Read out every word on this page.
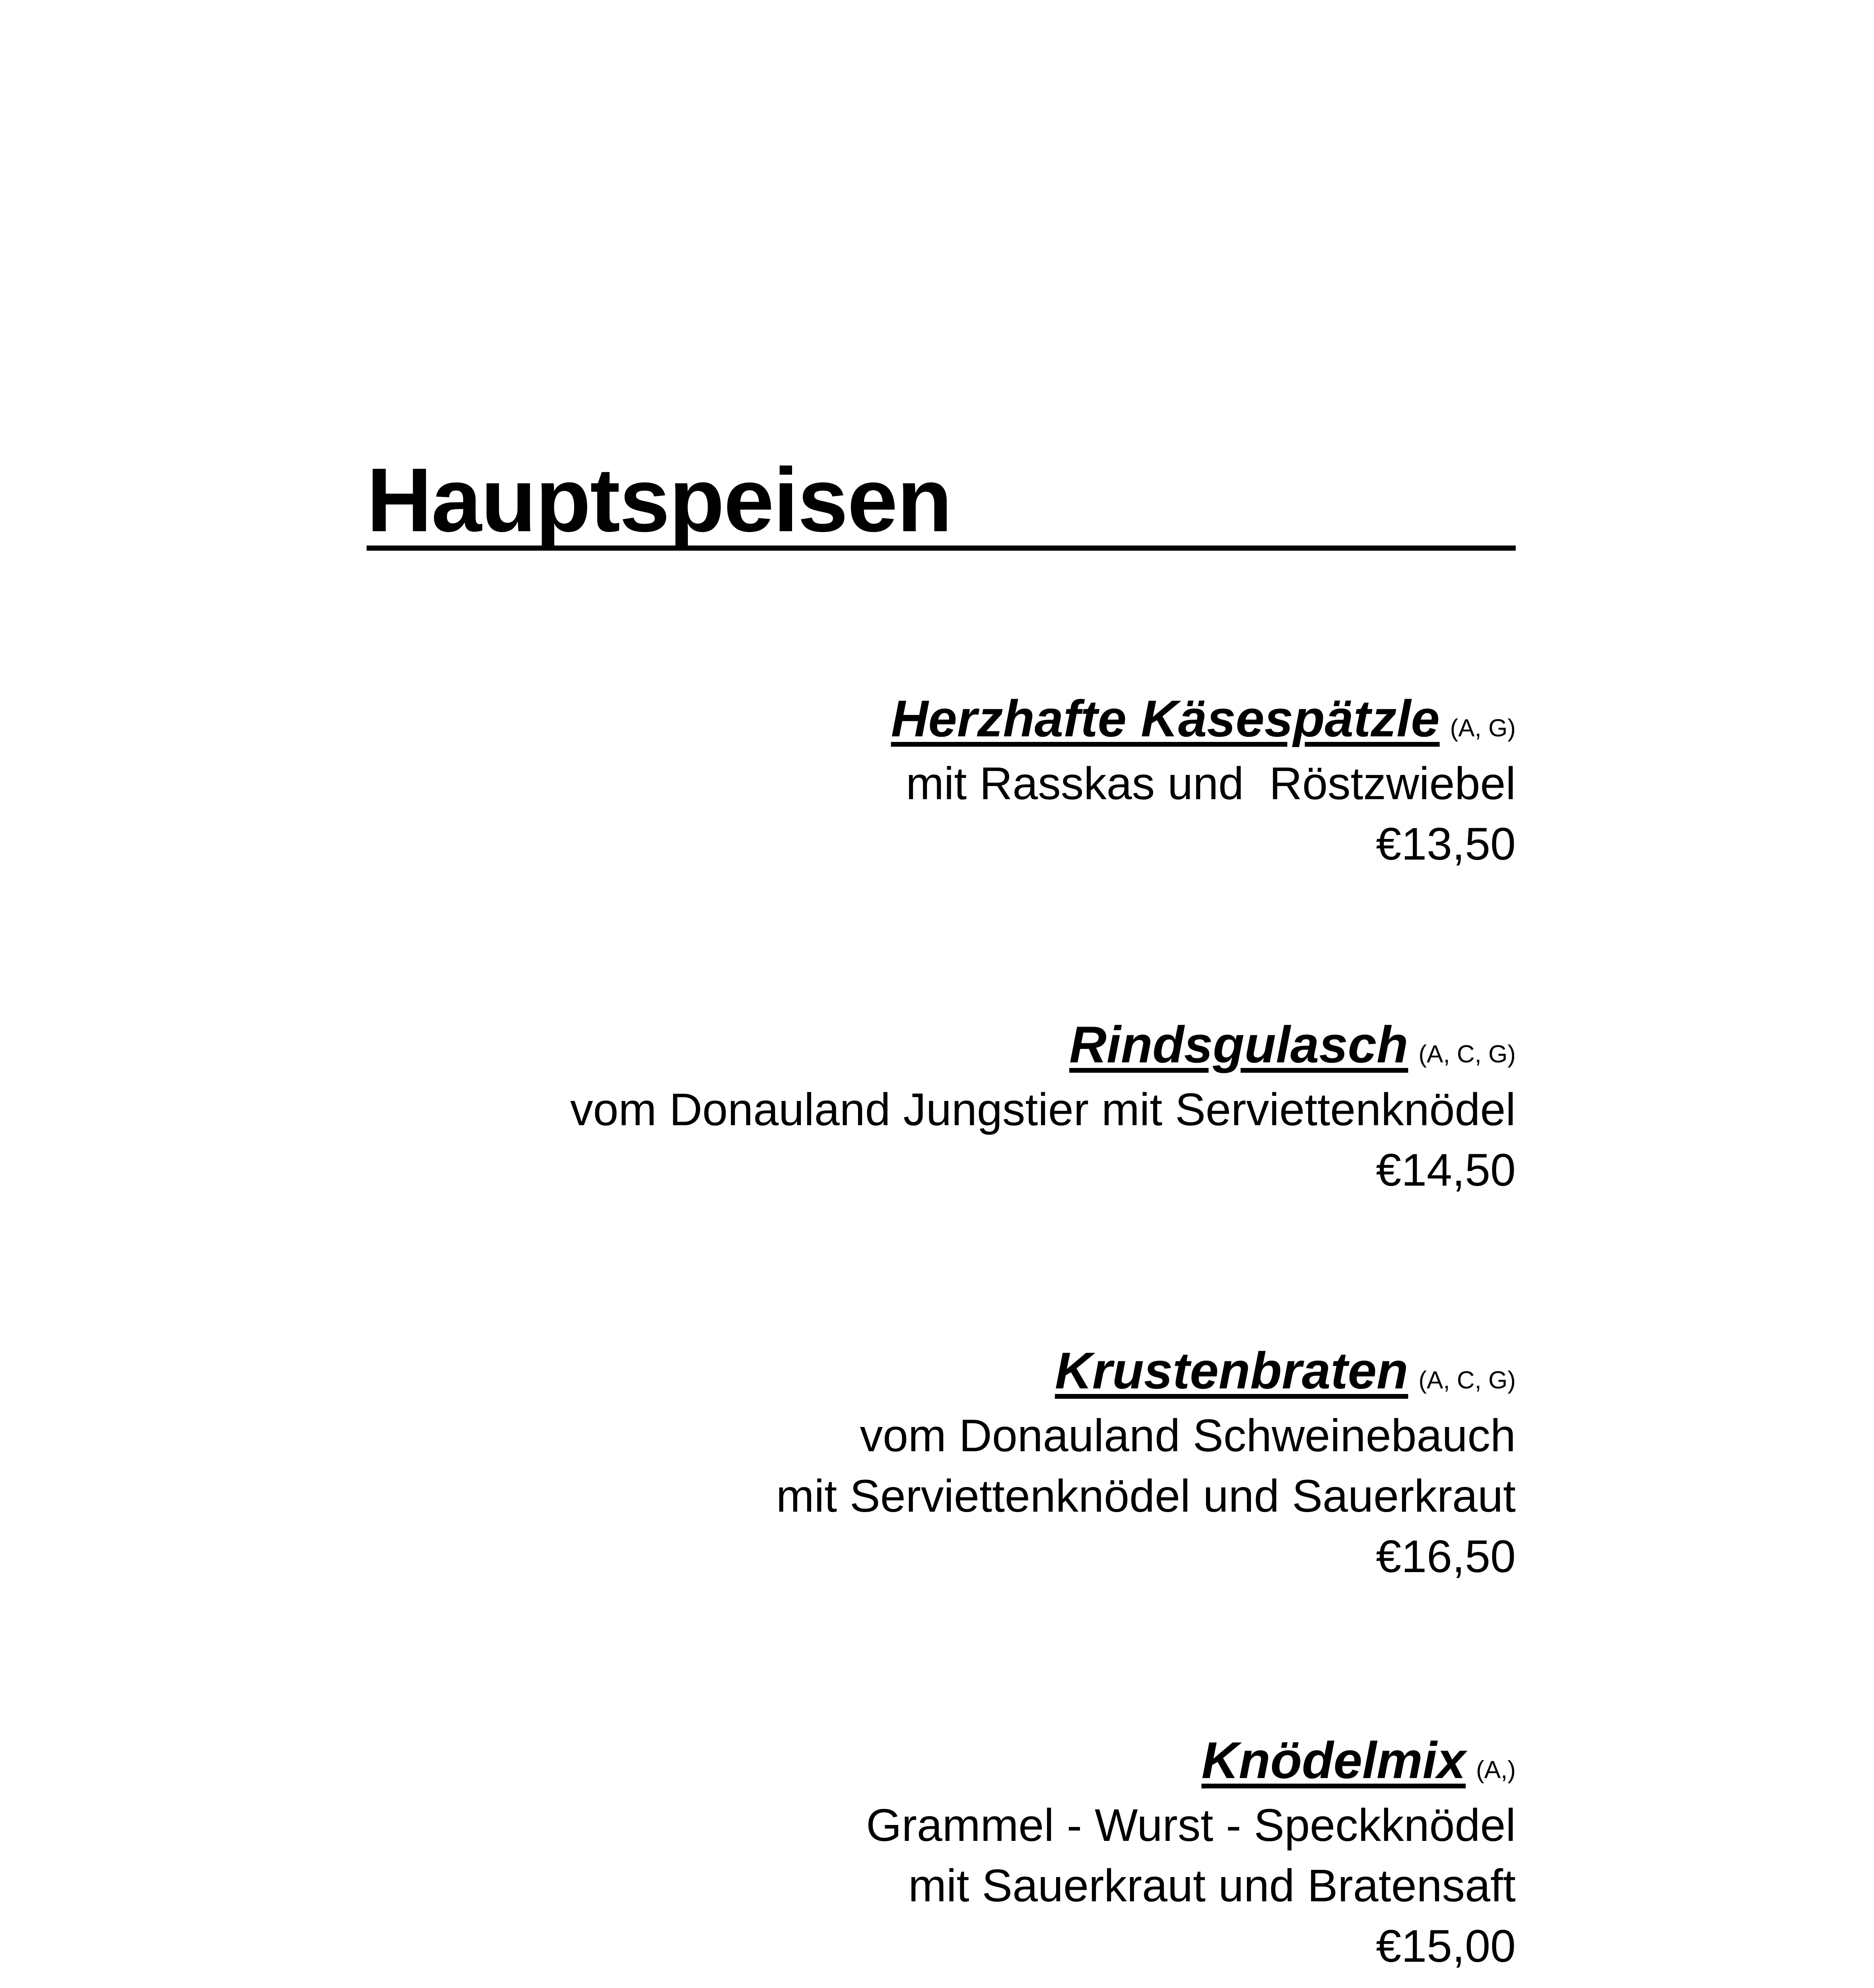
Hauptspeisen
Herzhafte Käsespätzle (A, G)
mit Rasskas und  Röstzwiebel
€13,50
Rindsgulasch (A, C, G)
vom Donauland Jungstier mit Serviettenknödel
€14,50
Krustenbraten (A, C, G)
vom Donauland Schweinebauch
mit Serviettenknödel und Sauerkraut
€16,50
Knödelmix (A,)
Grammel - Wurst - Speckknödel
mit Sauerkraut und Bratensaft
€15,00
